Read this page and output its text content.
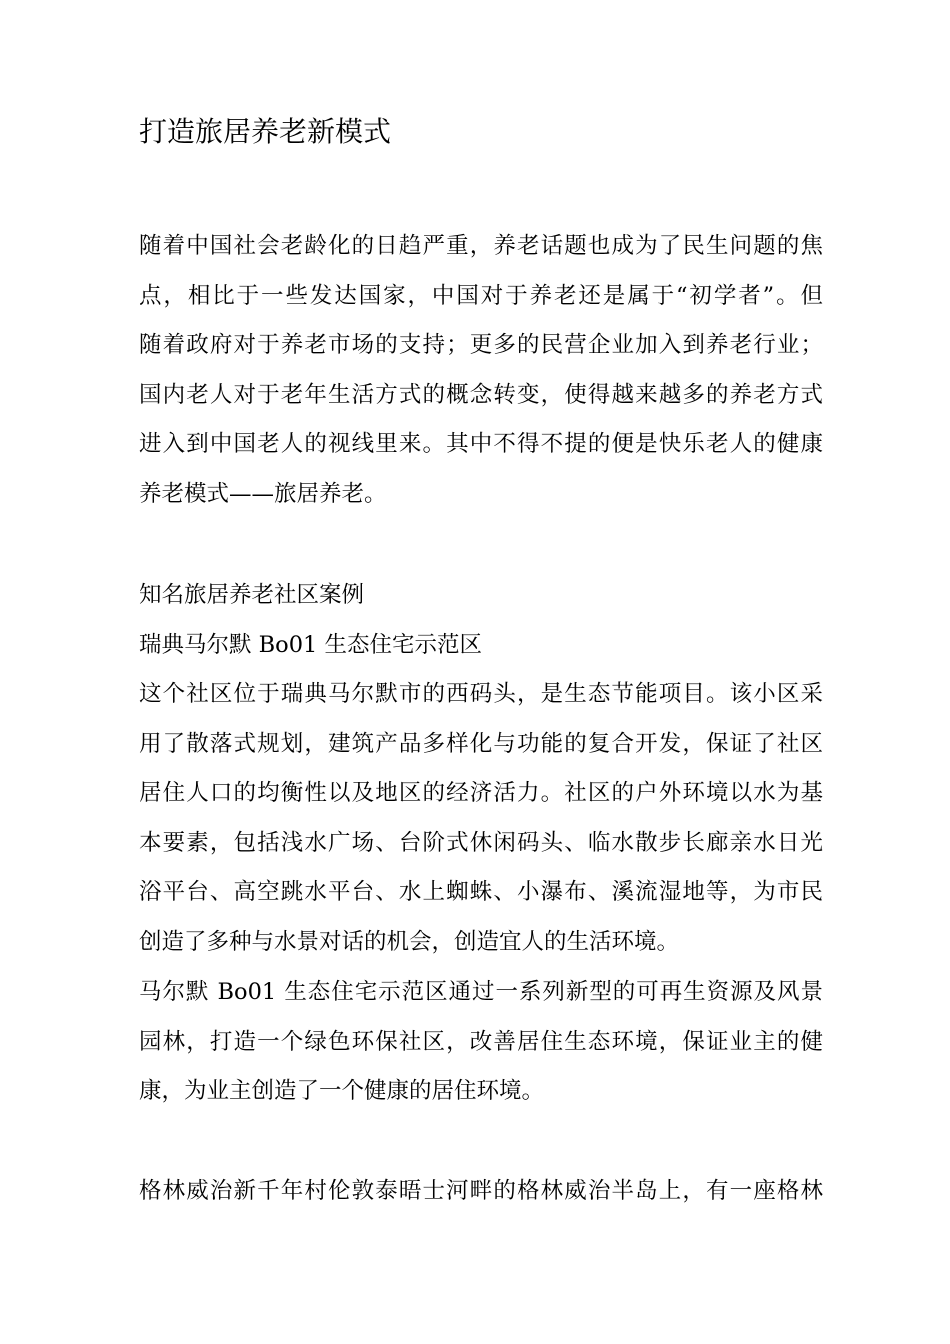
打造旅居养老新模式
随着中国社会老龄化的日趋严重，养老话题也成为了民生问题的焦
点，相比于一些发达国家，中国对于养老还是属于“初学者”。但
随着政府对于养老市场的支持；更多的民营企业加入到养老行业；
国内老人对于老年生活方式的概念转变，使得越来越多的养老方式
进入到中国老人的视线里来。其中不得不提的便是快乐老人的健康
养老模式——旅居养老。
知名旅居养老社区案例
瑞典马尔默 Bo01 生态住宅示范区
这个社区位于瑞典马尔默市的西码头，是生态节能项目。该小区采
用了散落式规划，建筑产品多样化与功能的复合开发，保证了社区
居住人口的均衡性以及地区的经济活力。社区的户外环境以水为基
本要素，包括浅水广场、台阶式休闲码头、临水散步长廊亲水日光
浴平台、高空跳水平台、水上蜘蛛、小瀑布、溪流湿地等，为市民
创造了多种与水景对话的机会，创造宜人的生活环境。
马尔默 Bo01 生态住宅示范区通过一系列新型的可再生资源及风景
园林，打造一个绿色环保社区，改善居住生态环境，保证业主的健
康，为业主创造了一个健康的居住环境。
格林威治新千年村伦敦泰晤士河畔的格林威治半岛上，有一座格林
